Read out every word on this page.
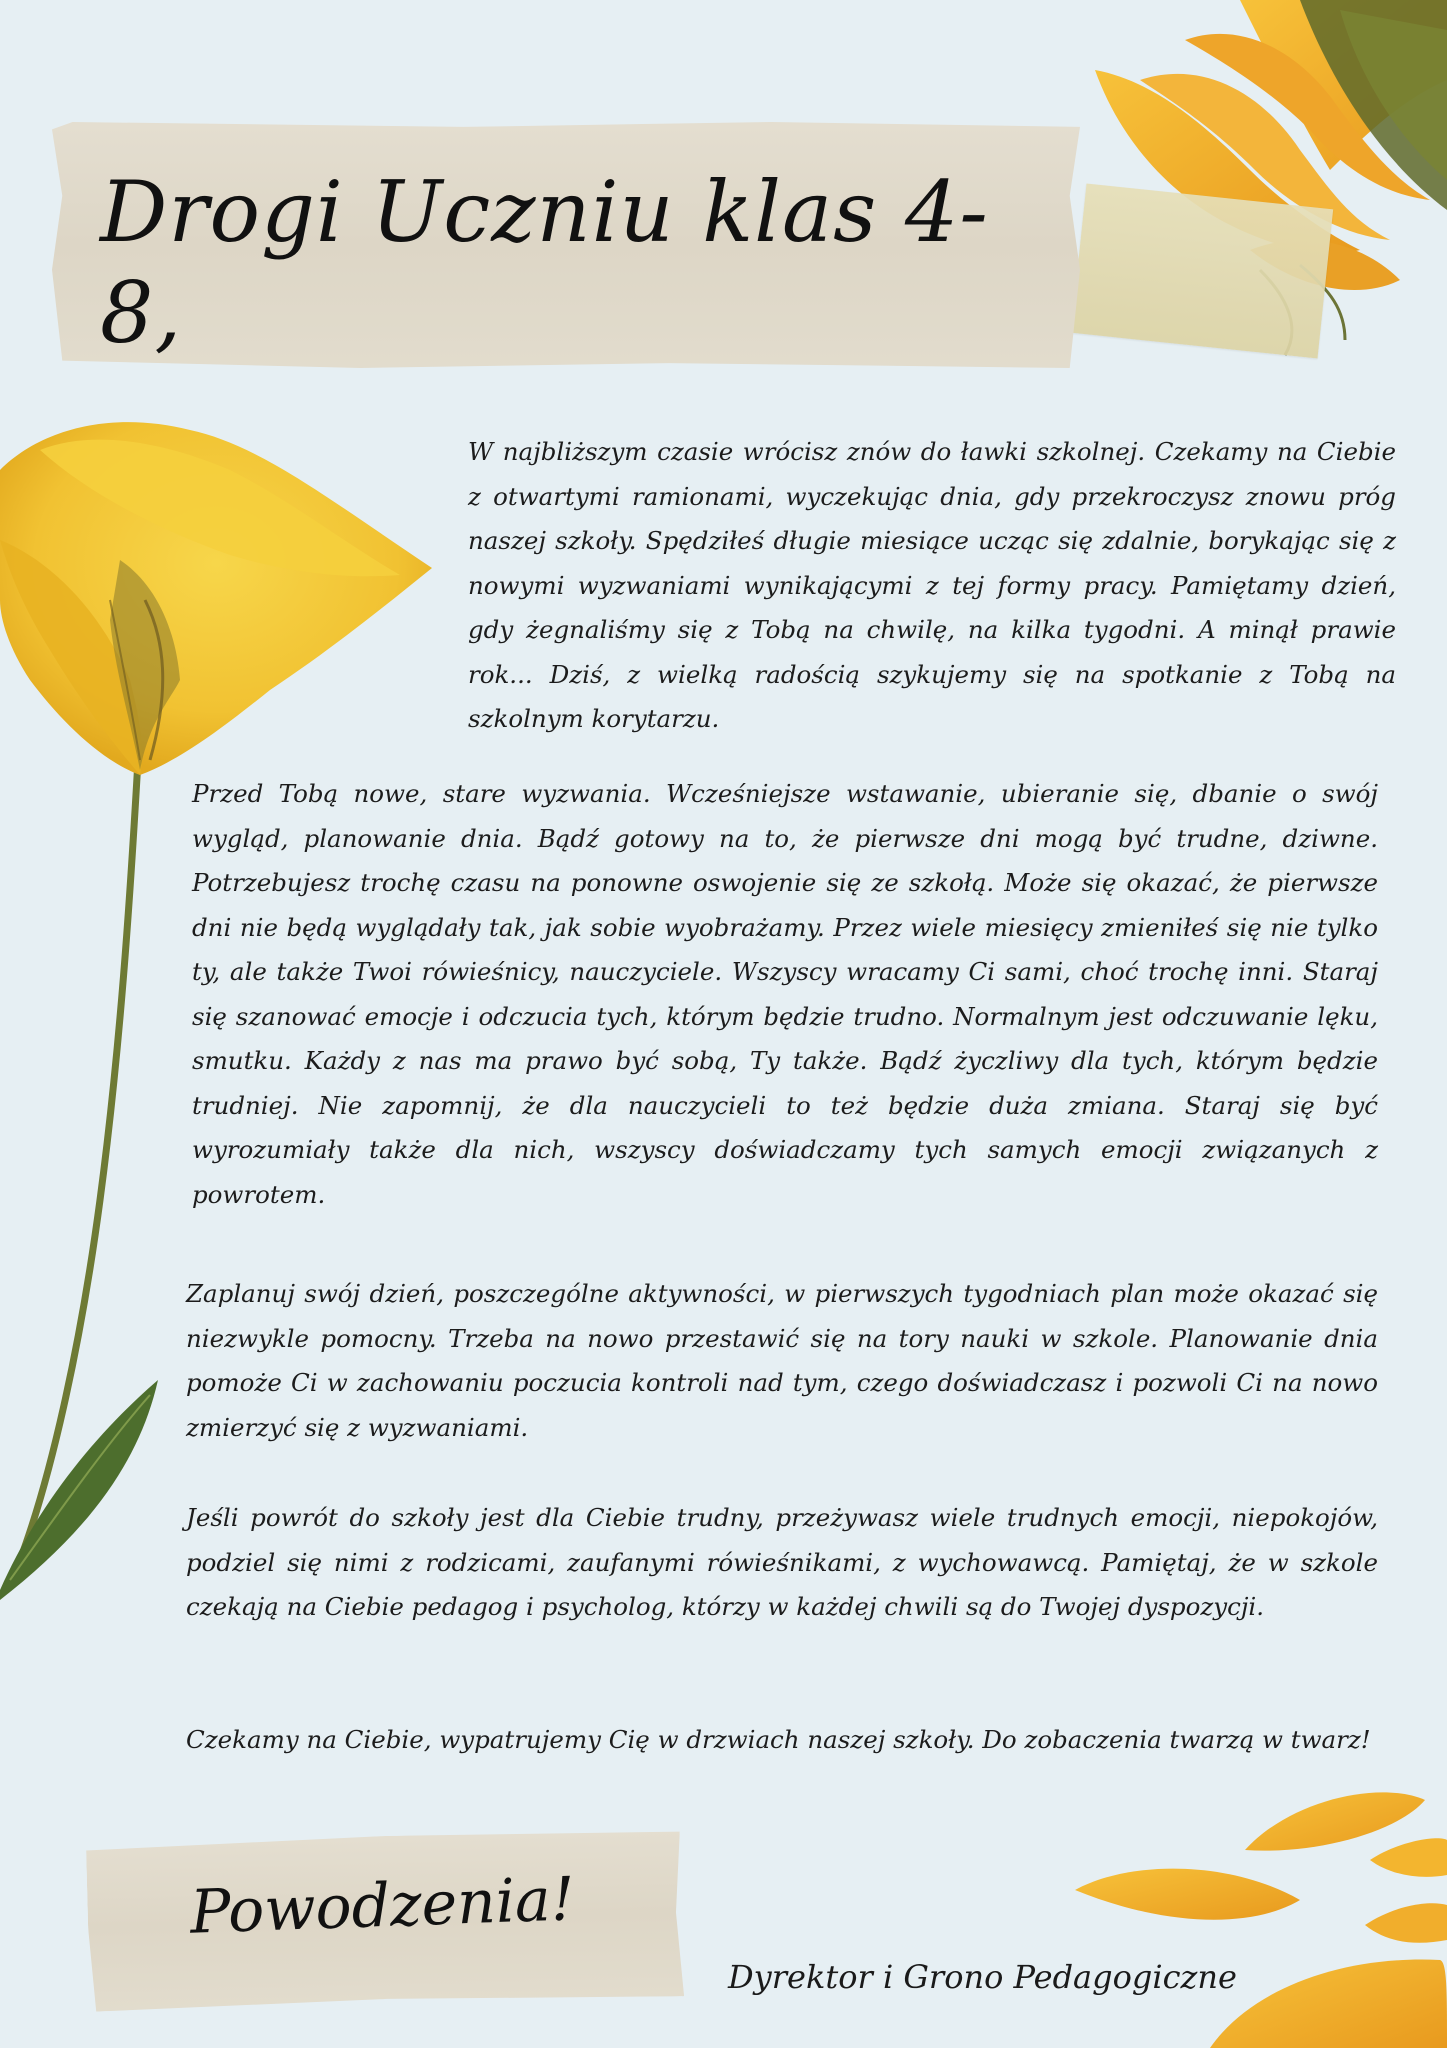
Drogi Uczniu klas 4-8,

W najbliższym czasie wrócisz znów do ławki szkolnej. Czekamy na Ciebie z otwartymi ramionami, wyczekując dnia, gdy przekroczysz znowu próg naszej szkoły. Spędziłeś długie miesiące ucząc się zdalnie, borykając się z nowymi wyzwaniami wynikającymi z tej formy pracy. Pamiętamy dzień, gdy żegnaliśmy się z Tobą na chwilę, na kilka tygodni. A minął prawie rok... Dziś, z wielką radością szykujemy się na spotkanie z Tobą na szkolnym korytarzu.

Przed Tobą nowe, stare wyzwania. Wcześniejsze wstawanie, ubieranie się, dbanie o swój wygląd, planowanie dnia. Bądź gotowy na to, że pierwsze dni mogą być trudne, dziwne. Potrzebujesz trochę czasu na ponowne oswojenie się ze szkołą. Może się okazać, że pierwsze dni nie będą wyglądały tak, jak sobie wyobrażamy. Przez wiele miesięcy zmieniłeś się nie tylko ty, ale także Twoi rówieśnicy, nauczyciele. Wszyscy wracamy Ci sami, choć trochę inni. Staraj się szanować emocje i odczucia tych, którym będzie trudno. Normalnym jest odczuwanie lęku, smutku. Każdy z nas ma prawo być sobą, Ty także. Bądź życzliwy dla tych, którym będzie trudniej. Nie zapomnij, że dla nauczycieli to też będzie duża zmiana. Staraj się być wyrozumiały także dla nich, wszyscy doświadczamy tych samych emocji związanych z powrotem.

Zaplanuj swój dzień, poszczególne aktywności, w pierwszych tygodniach plan może okazać się niezwykle pomocny. Trzeba na nowo przestawić się na tory nauki w szkole. Planowanie dnia pomoże Ci w zachowaniu poczucia kontroli nad tym, czego doświadczasz i pozwoli Ci na nowo zmierzyć się z wyzwaniami.

Jeśli powrót do szkoły jest dla Ciebie trudny, przeżywasz wiele trudnych emocji, niepokojów, podziel się nimi z rodzicami, zaufanymi rówieśnikami, z wychowawcą. Pamiętaj, że w szkole czekają na Ciebie pedagog i psycholog, którzy w każdej chwili są do Twojej dyspozycji.

Czekamy na Ciebie, wypatrujemy Cię w drzwiach naszej szkoły. Do zobaczenia twarzą w twarz!

Powodzenia!
Dyrektor i Grono Pedagogiczne
